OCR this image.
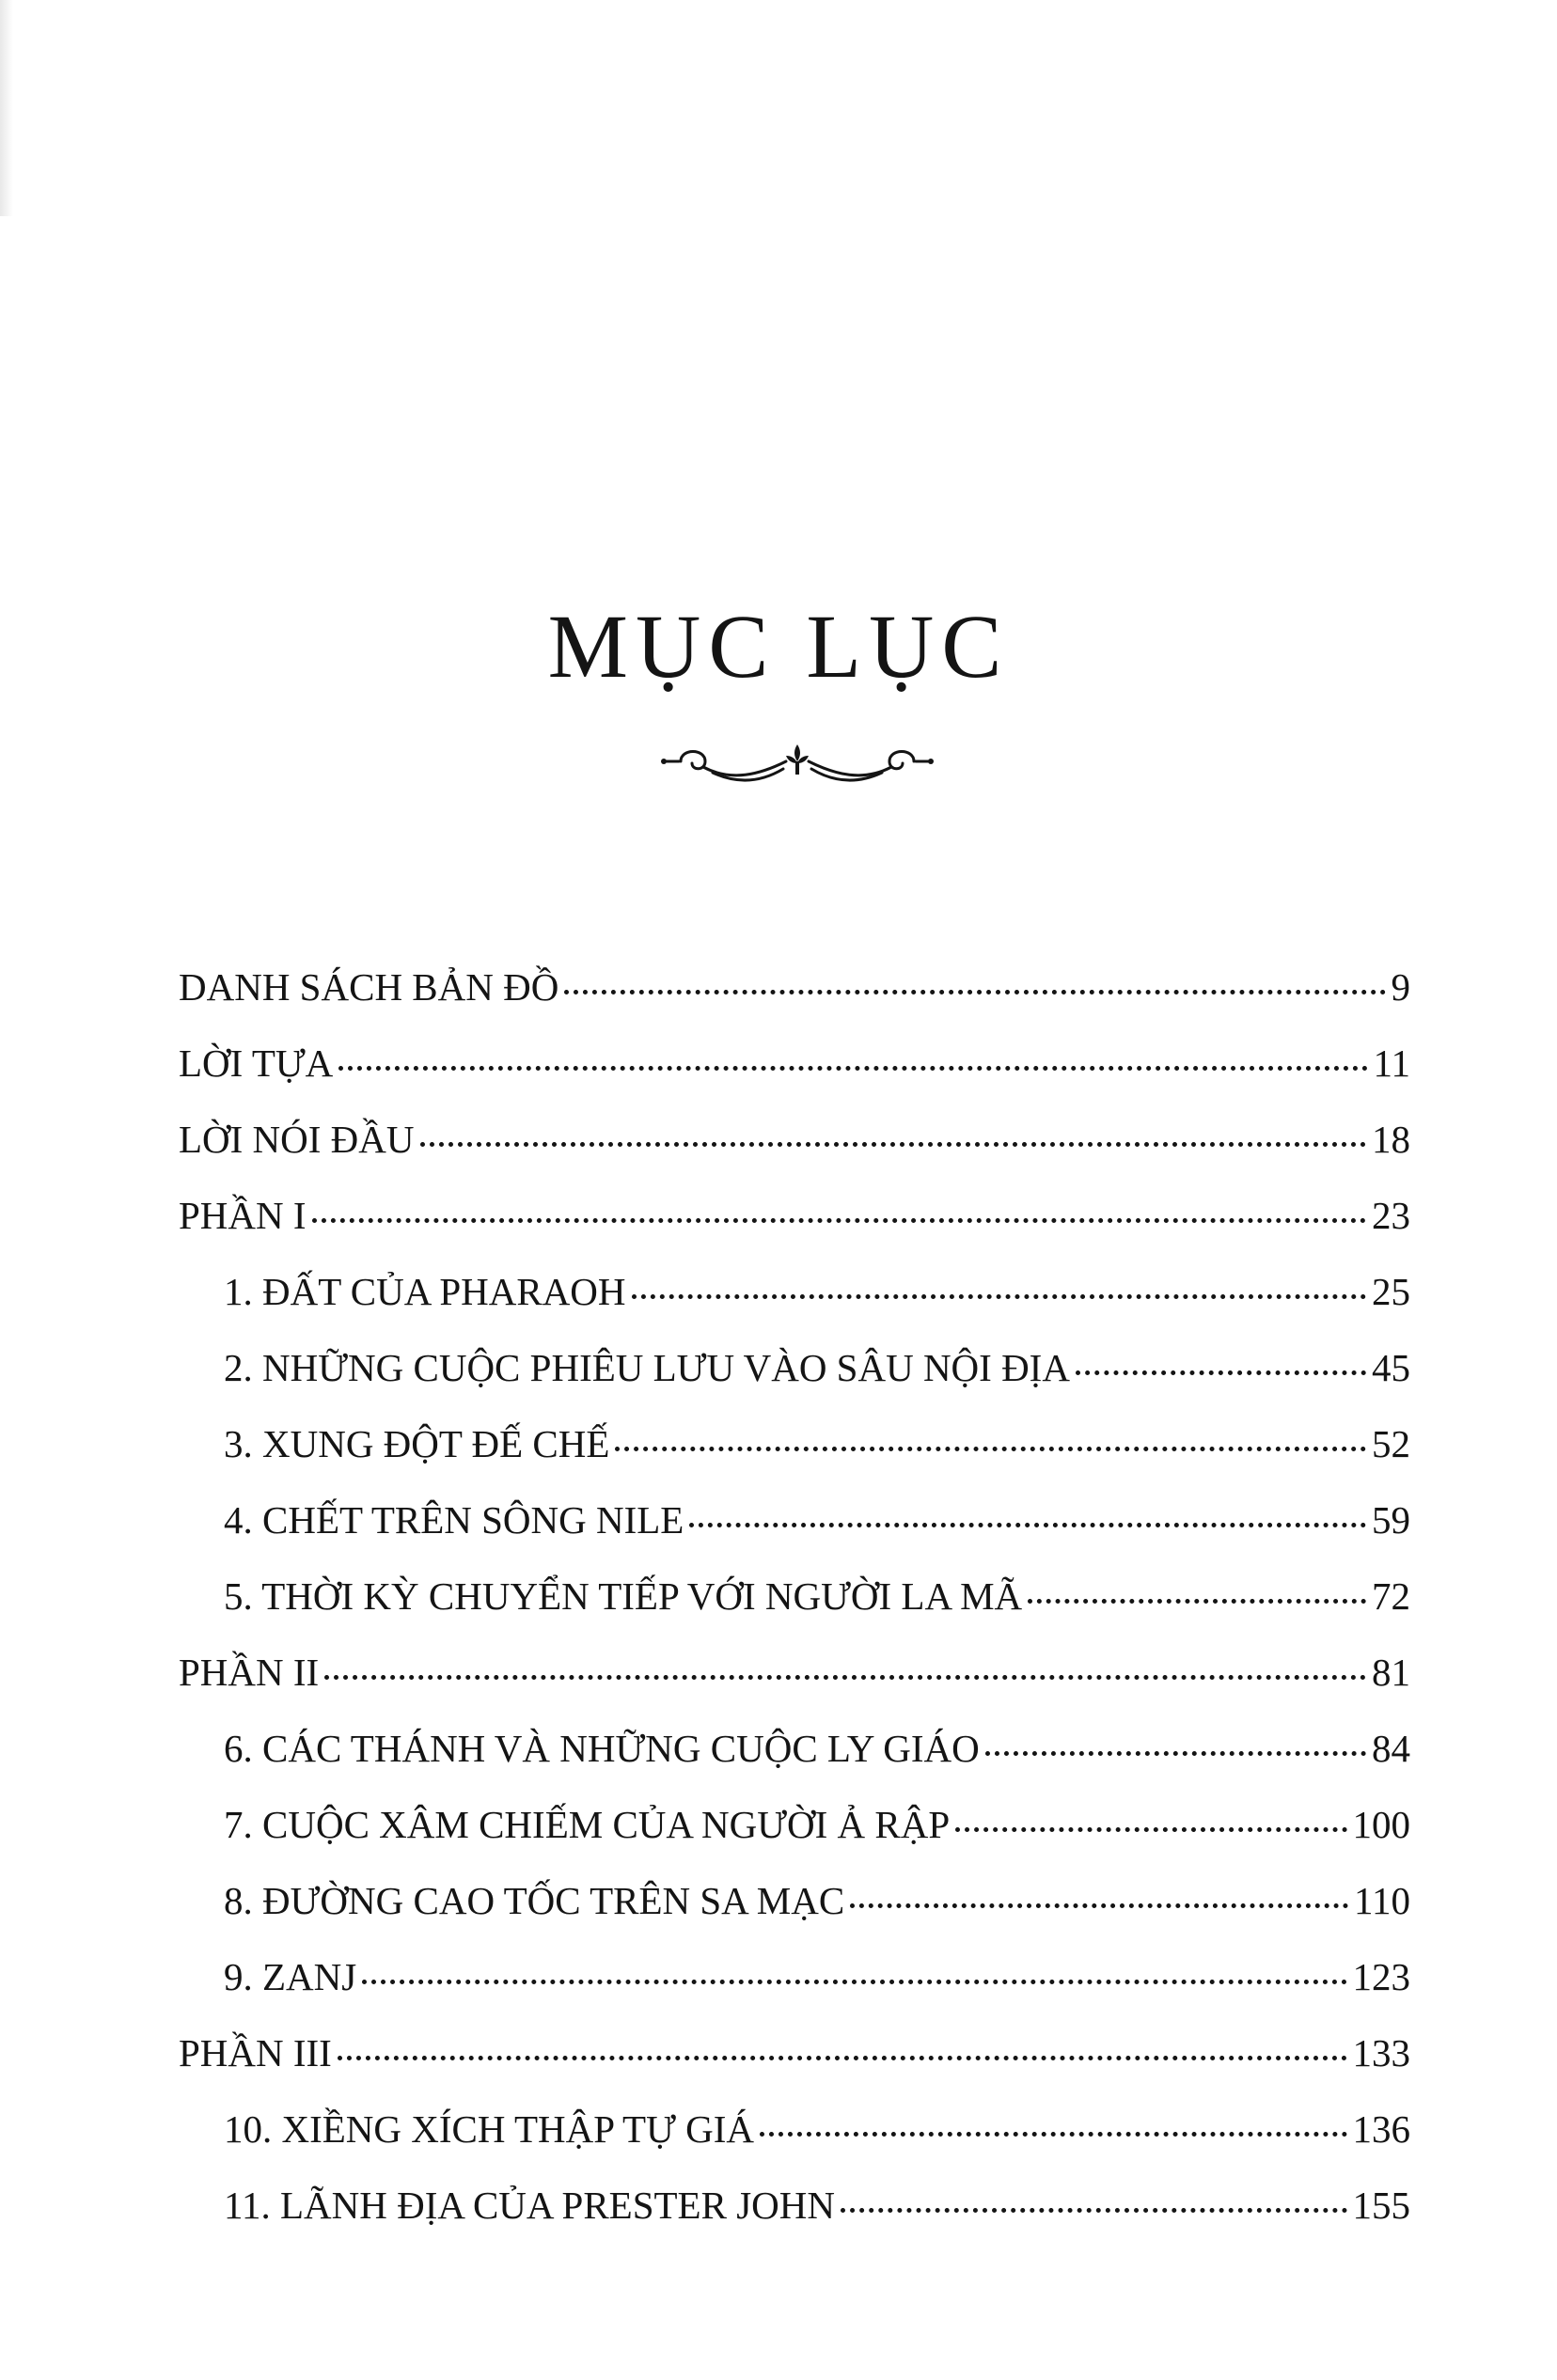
MỤC LỤC
DANH SÁCH BẢN ĐỒ	9
LỜI TỰA	11
LỜI NÓI ĐẦU	18
PHẦN I	23
1. ĐẤT CỦA PHARAOH	25
2. NHỮNG CUỘC PHIÊU LƯU VÀO SÂU NỘI ĐỊA	45
3. XUNG ĐỘT ĐẾ CHẾ	52
4. CHẾT TRÊN SÔNG NILE	59
5. THỜI KỲ CHUYỂN TIẾP VỚI NGƯỜI LA MÃ	72
PHẦN II	81
6. CÁC THÁNH VÀ NHỮNG CUỘC LY GIÁO	84
7. CUỘC XÂM CHIẾM CỦA NGƯỜI Ả RẬP	100
8. ĐƯỜNG CAO TỐC TRÊN SA MẠC	110
9. ZANJ	123
PHẦN III	133
10. XIỀNG XÍCH THẬP TỰ GIÁ	136
11. LÃNH ĐỊA CỦA PRESTER JOHN	155
